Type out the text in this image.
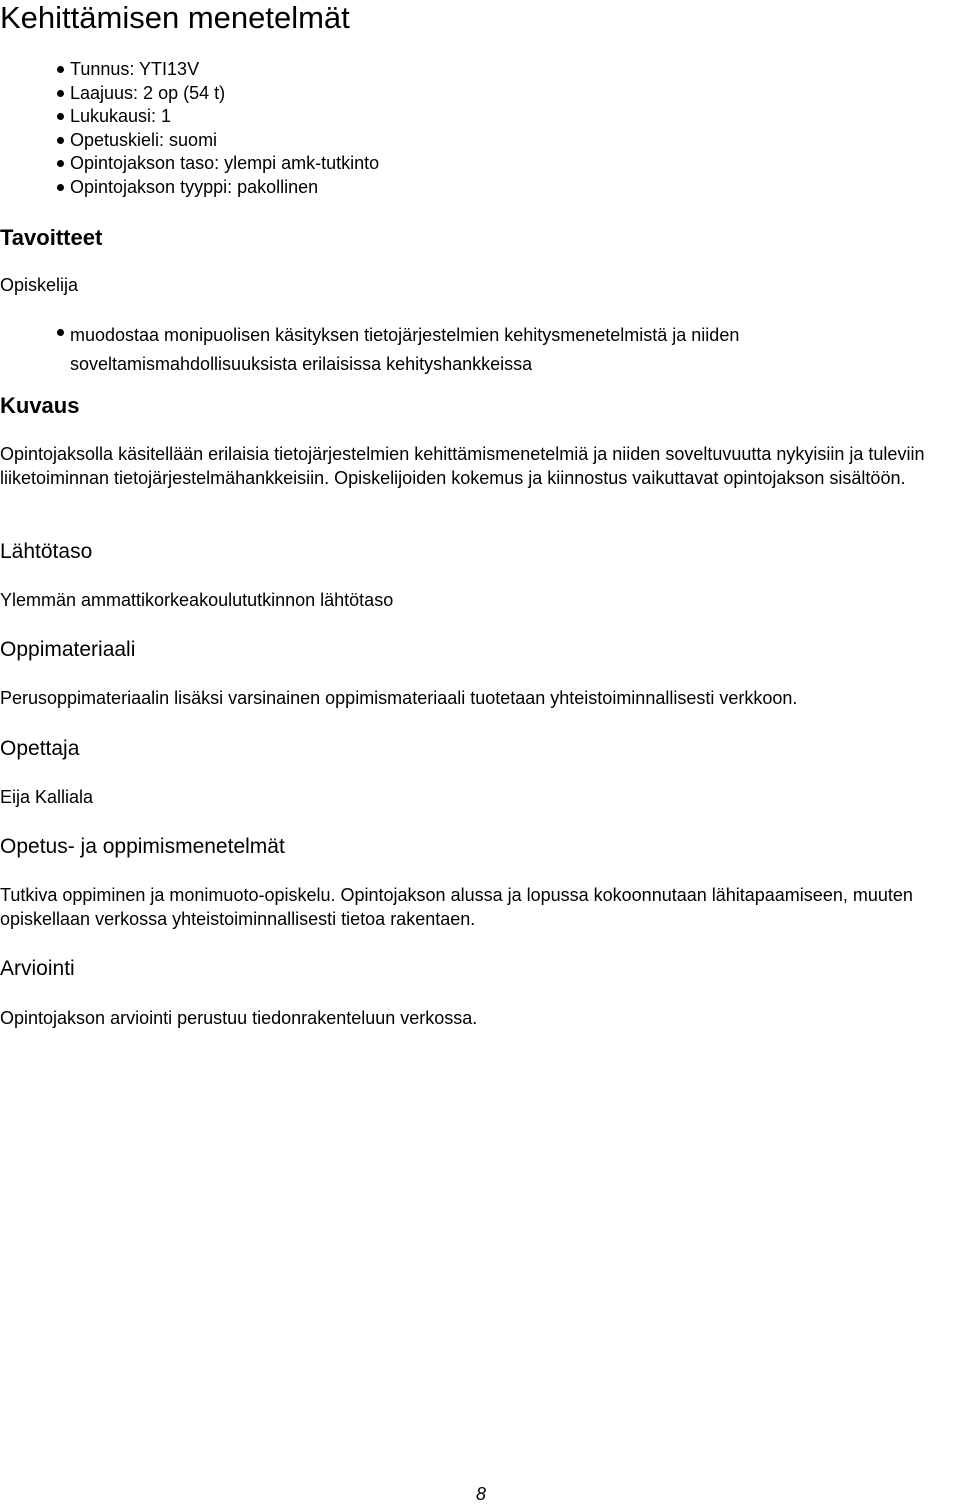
Kehittämisen menetelmät
Tunnus: YTI13V
Laajuus: 2 op (54 t)
Lukukausi: 1
Opetuskieli: suomi
Opintojakson taso: ylempi amk-tutkinto
Opintojakson tyyppi: pakollinen
Tavoitteet

Opiskelija

muodostaa monipuolisen käsityksen tietojärjestelmien kehitysmenetelmistä ja niiden soveltamismahdollisuuksista erilaisissa kehityshankkeissa
Kuvaus

Opintojaksolla käsitellään erilaisia tietojärjestelmien kehittämismenetelmiä ja niiden soveltuvuutta nykyisiin ja tuleviin liiketoiminnan tietojärjestelmähankkeisiin. Opiskelijoiden kokemus ja kiinnostus vaikuttavat opintojakson sisältöön.

Lähtötaso

Ylemmän ammattikorkeakoulututkinnon lähtötaso

Oppimateriaali

Perusoppimateriaalin lisäksi varsinainen oppimismateriaali tuotetaan yhteistoiminnallisesti verkkoon.

Opettaja

Eija Kalliala

Opetus- ja oppimismenetelmät

Tutkiva oppiminen ja monimuoto-opiskelu. Opintojakson alussa ja lopussa kokoonnutaan lähitapaamiseen, muuten opiskellaan verkossa yhteistoiminnallisesti tietoa rakentaen.

Arviointi

Opintojakson arviointi perustuu tiedonrakenteluun verkossa.

8
